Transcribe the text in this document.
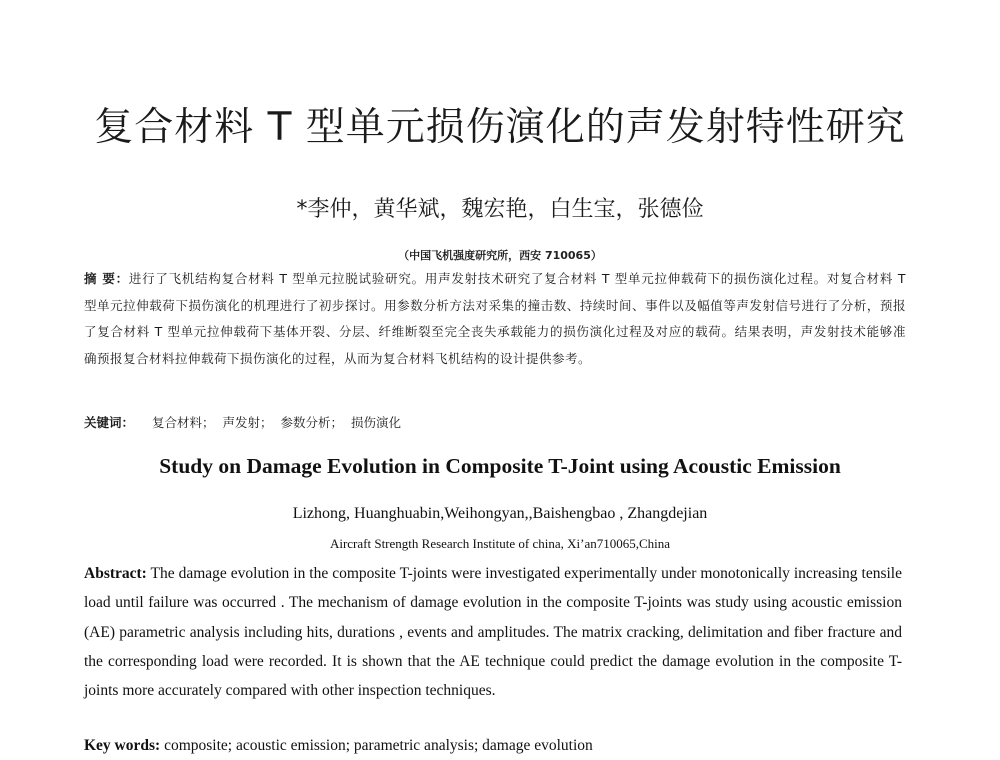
复合材料 T 型单元损伤演化的声发射特性研究
*李仲，黄华斌，魏宏艳，白生宝，张德俭
（中国飞机强度研究所，西安 710065）
摘 要：进行了飞机结构复合材料 T 型单元拉脱试验研究。用声发射技术研究了复合材料 T 型单元拉伸载荷下的损伤演化过程。对复合材料 T 型单元拉伸载荷下损伤演化的机理进行了初步探讨。用参数分析方法对采集的撞击数、持续时间、事件以及幅值等声发射信号进行了分析，预报了复合材料 T 型单元拉伸载荷下基体开裂、分层、纤维断裂至完全丧失承载能力的损伤演化过程及对应的载荷。结果表明，声发射技术能够准确预报复合材料拉伸载荷下损伤演化的过程，从而为复合材料飞机结构的设计提供参考。
关键词： 复合材料； 声发射； 参数分析； 损伤演化
Study on Damage Evolution in Composite T-Joint using Acoustic Emission
Lizhong, Huanghuabin,Weihongyan,,Baishengbao , Zhangdejian
Aircraft Strength Research Institute of china, Xi’an710065,China
Abstract: The damage evolution in the composite T-joints were investigated experimentally under monotonically increasing tensile load until failure was occurred . The mechanism of damage evolution in the composite T-joints was study using acoustic emission (AE) parametric analysis including hits, durations , events and amplitudes. The matrix cracking, delimitation and fiber fracture and the corresponding load were recorded. It is shown that the AE technique could predict the damage evolution in the composite T-joints more accurately compared with other inspection techniques.
Key words: composite; acoustic emission; parametric analysis; damage evolution
